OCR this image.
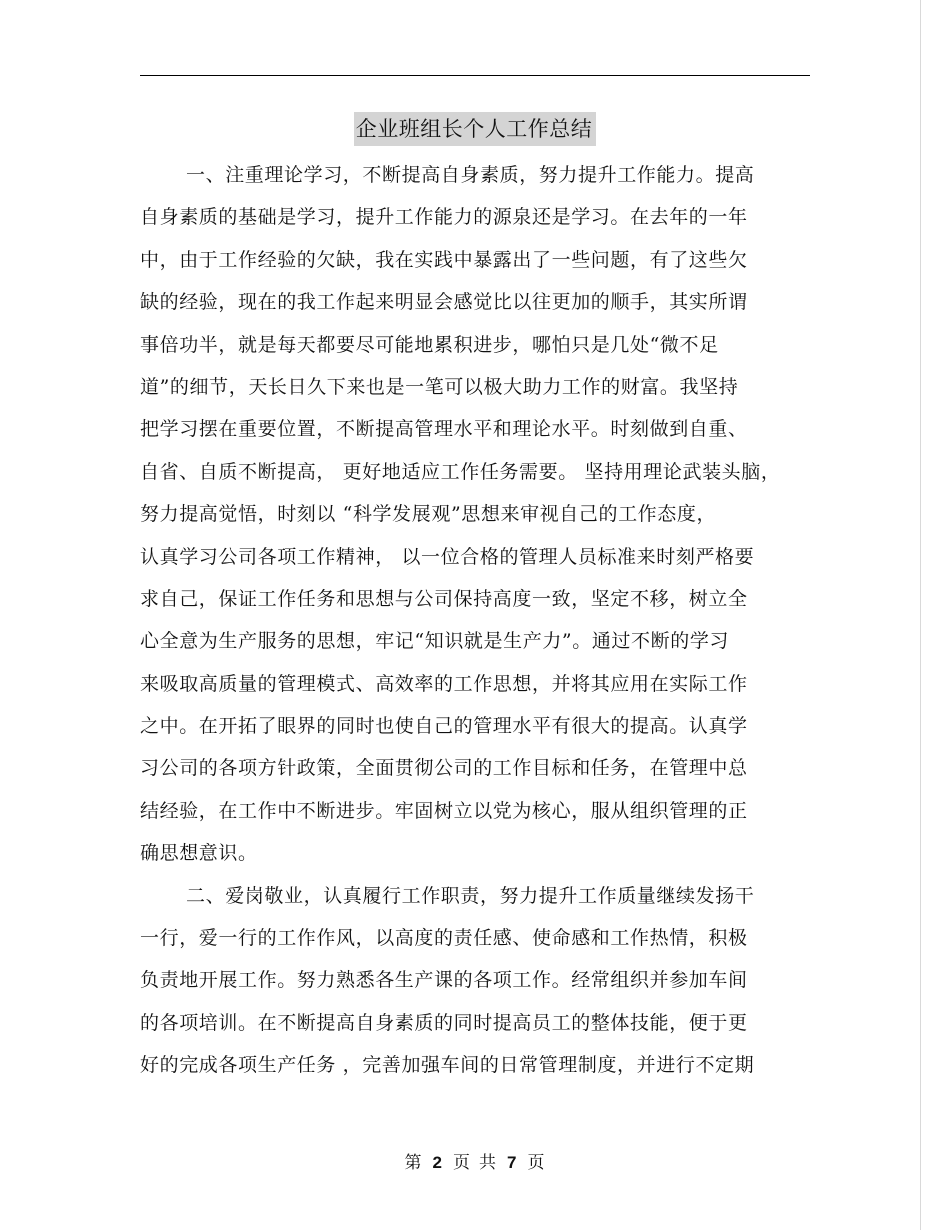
企业班组长个人工作总结
一、注重理论学习，不断提高自身素质，努力提升工作能力。提高
自身素质的基础是学习，提升工作能力的源泉还是学习。在去年的一年
中，由于工作经验的欠缺，我在实践中暴露出了一些问题，有了这些欠
缺的经验，现在的我工作起来明显会感觉比以往更加的顺手，其实所谓
事倍功半，就是每天都要尽可能地累积进步，哪怕只是几处“微不足
道”的细节，天长日久下来也是一笔可以极大助力工作的财富。我坚持
把学习摆在重要位置，不断提高管理水平和理论水平。时刻做到自重、
自省、自质不断提高， 更好地适应工作任务需要。 坚持用理论武装头脑，
努力提高觉悟，时刻以 “科学发展观”思想来审视自己的工作态度，
认真学习公司各项工作精神， 以一位合格的管理人员标准来时刻严格要
求自己，保证工作任务和思想与公司保持高度一致，坚定不移，树立全
心全意为生产服务的思想，牢记“知识就是生产力”。通过不断的学习
来吸取高质量的管理模式、高效率的工作思想，并将其应用在实际工作
之中。在开拓了眼界的同时也使自己的管理水平有很大的提高。认真学
习公司的各项方针政策，全面贯彻公司的工作目标和任务，在管理中总
结经验，在工作中不断进步。牢固树立以党为核心，服从组织管理的正
确思想意识。
二、爱岗敬业，认真履行工作职责，努力提升工作质量继续发扬干
一行，爱一行的工作作风，以高度的责任感、使命感和工作热情，积极
负责地开展工作。努力熟悉各生产课的各项工作。经常组织并参加车间
的各项培训。在不断提高自身素质的同时提高员工的整体技能，便于更
好的完成各项生产任务 ，完善加强车间的日常管理制度，并进行不定期
第 2 页 共 7 页
